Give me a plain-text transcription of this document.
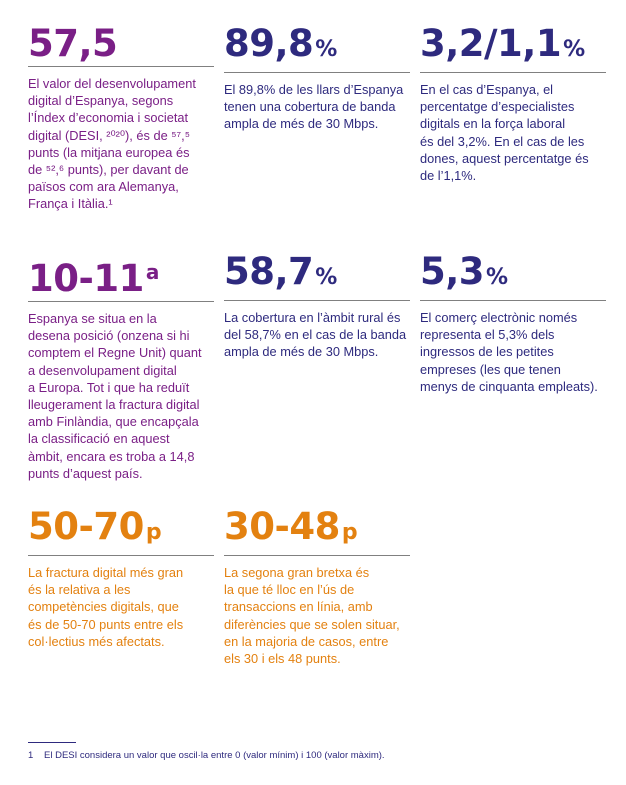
57,5

El valor del desenvolupament
digital d’Espanya, segons
l’Índex d’economia i societat
digital (DESI, ²⁰²⁰), és de ⁵⁷,⁵
punts (la mitjana europea és
de ⁵²,⁶ punts), per davant de
països com ara Alemanya,
França i Itàlia.¹

89,8%

El 89,8% de les llars d’Espanya
tenen una cobertura de banda
ampla de més de 30 Mbps.

3,2/1,1%

En el cas d’Espanya, el
percentatge d’especialistes
digitals en la força laboral
és del 3,2%. En el cas de les
dones, aquest percentatge és
de l’1,1%.

10-11 $^a$

Espanya se situa en la
desena posició (onzena si hi
comptem el Regne Unit) quant
a desenvolupament digital
a Europa. Tot i que ha reduït
lleugerament la fractura digital
amb Finlàndia, que encapçala
la classificació en aquest
àmbit, encara es troba a 14,8
punts d’aquest país.

58,7%

La cobertura en l’àmbit rural és
del 58,7% en el cas de la banda
ampla de més de 30 Mbps.

5,3%

El comerç electrònic només
representa el 5,3% dels
ingressos de les petites
empreses (les que tenen
menys de cinquanta empleats).

50-70p

La fractura digital més gran
és la relativa a les
competències digitals, que
és de 50-70 punts entre els
col·lectius més afectats.

30-48p

La segona gran bretxa és
la que té lloc en l’ús de
transaccions en línia, amb
diferències que se solen situar,
en la majoria de casos, entre
els 30 i els 48 punts.

1 El DESI considera un valor que oscil·la entre 0 (valor mínim) i 100 (valor màxim).
